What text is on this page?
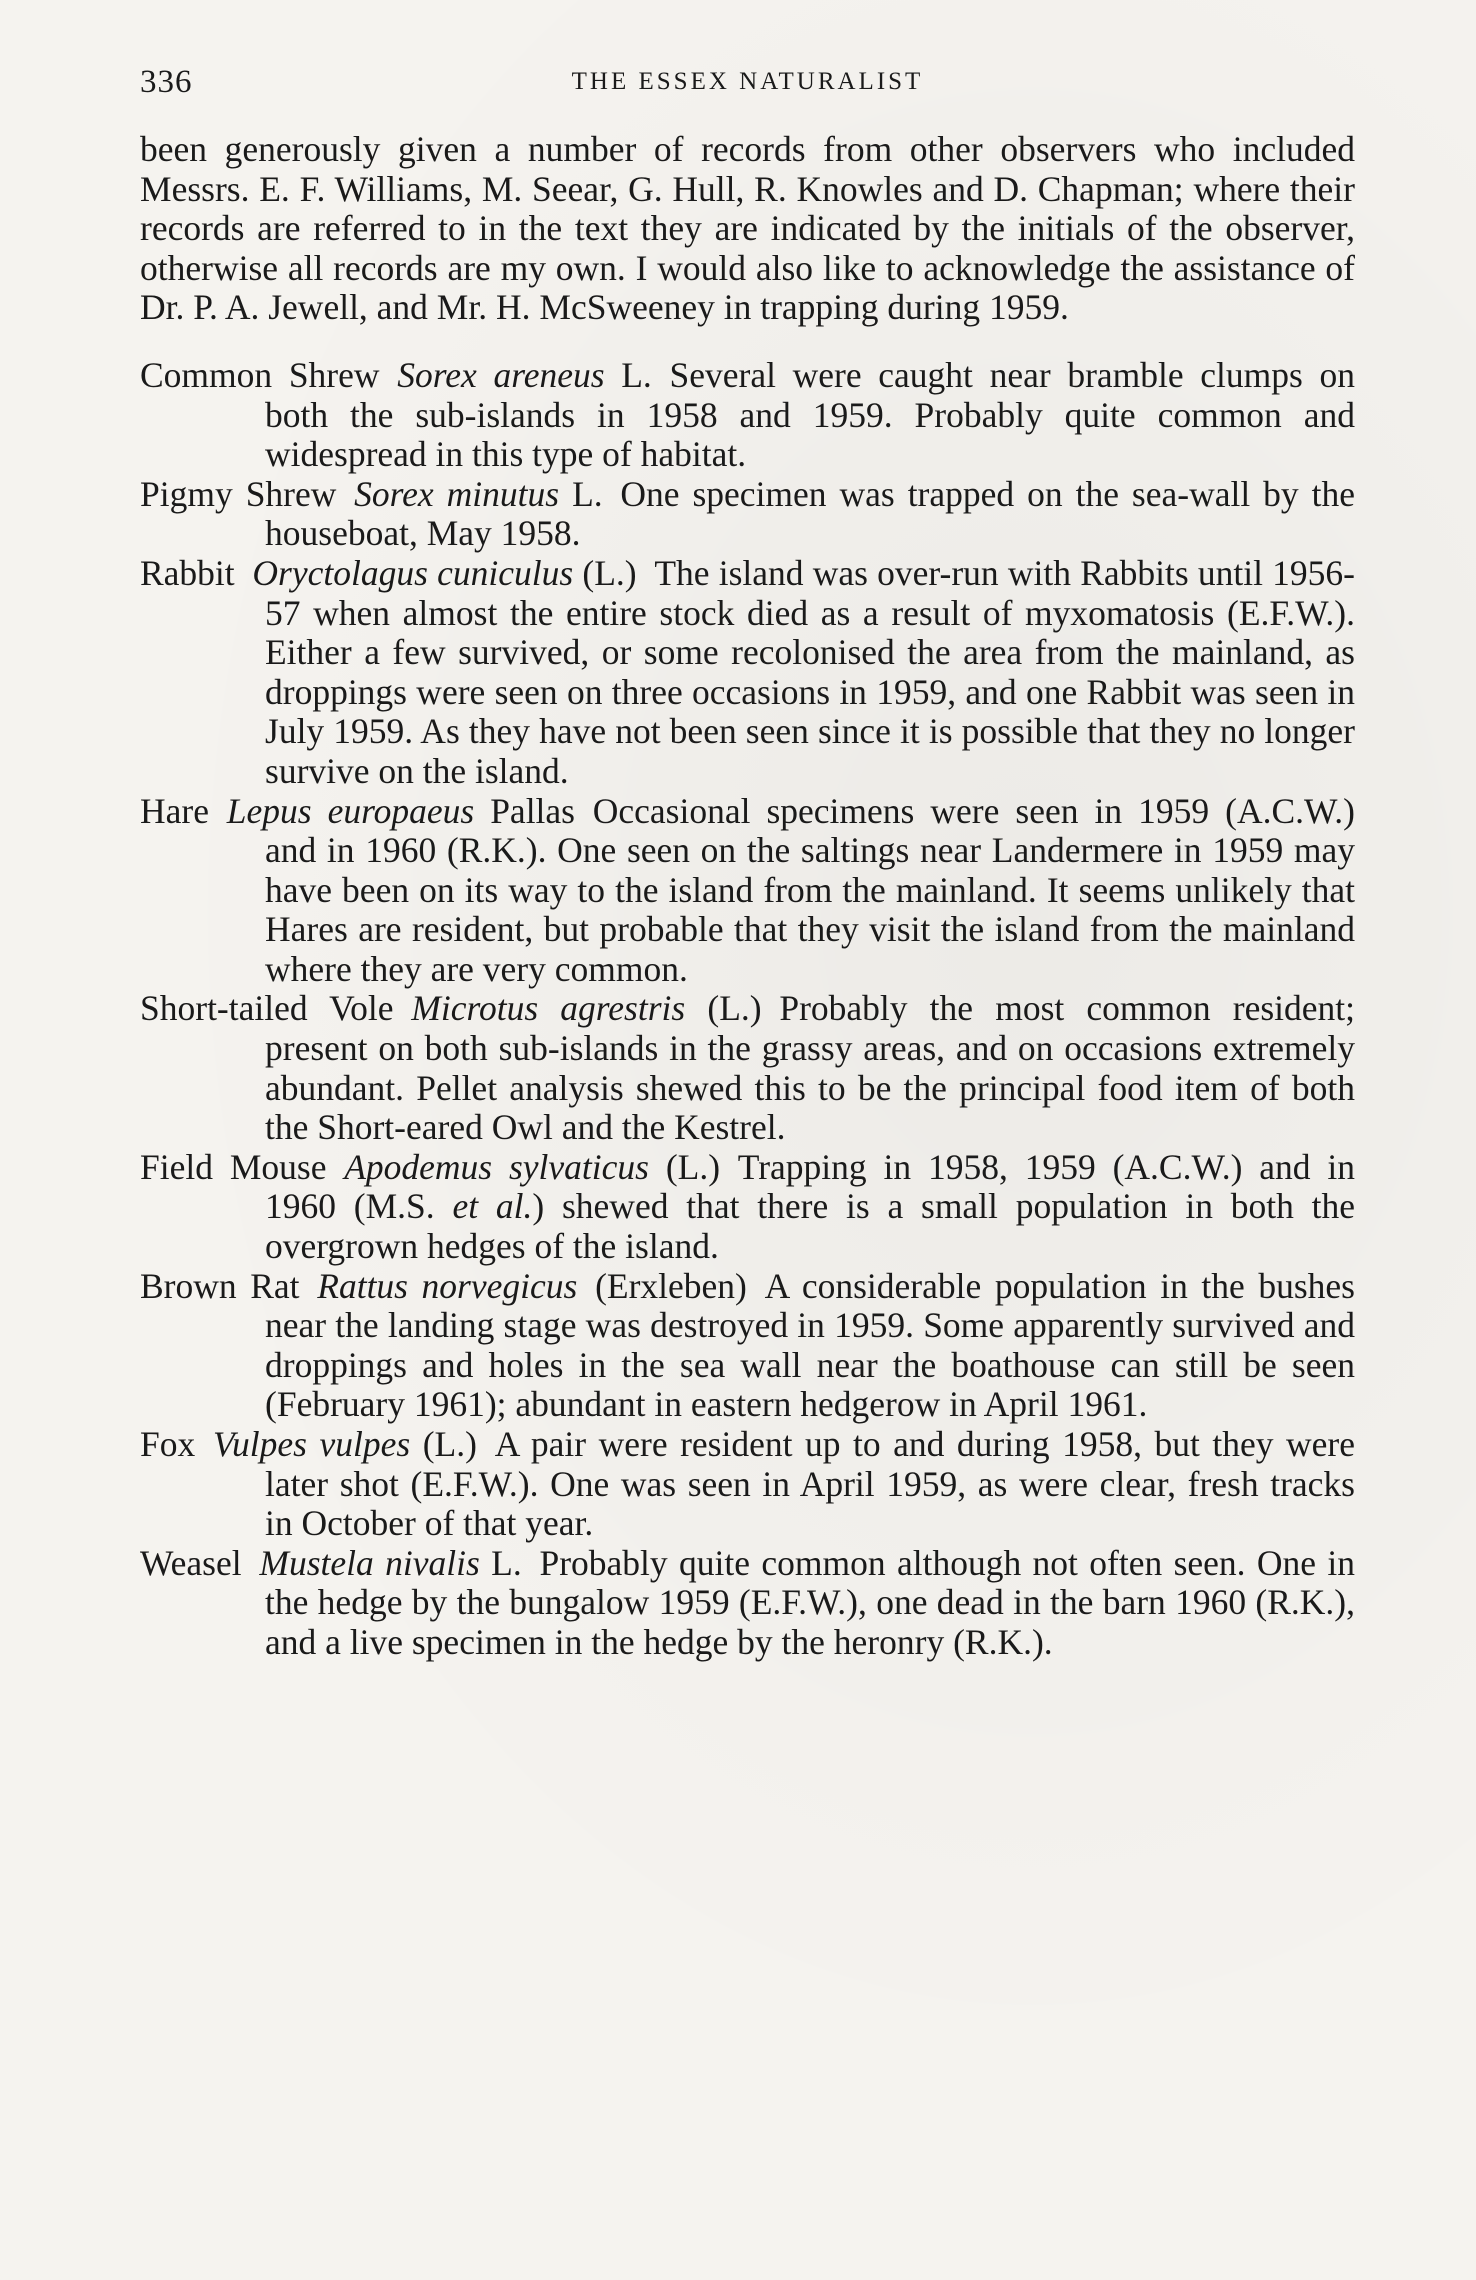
336	THE ESSEX NATURALIST

been generously given a number of records from other observers who included Messrs. E. F. Williams, M. Seear, G. Hull, R. Knowles and D. Chapman; where their records are referred to in the text they are indicated by the initials of the observer, otherwise all records are my own. I would also like to acknowledge the assistance of Dr. P. A. Jewell, and Mr. H. McSweeney in trapping during 1959.

Common Shrew  Sorex areneus L.  Several were caught near bramble clumps on both the sub-islands in 1958 and 1959. Probably quite common and widespread in this type of habitat.

Pigmy Shrew  Sorex minutus L.  One specimen was trapped on the sea-wall by the houseboat, May 1958.

Rabbit  Oryctolagus cuniculus (L.)  The island was over-run with Rabbits until 1956-57 when almost the entire stock died as a result of myxomatosis (E.F.W.). Either a few survived, or some recolonised the area from the mainland, as droppings were seen on three occasions in 1959, and one Rabbit was seen in July 1959. As they have not been seen since it is possible that they no longer survive on the island.

Hare  Lepus europaeus Pallas  Occasional specimens were seen in 1959 (A.C.W.) and in 1960 (R.K.). One seen on the saltings near Landermere in 1959 may have been on its way to the island from the mainland. It seems unlikely that Hares are resident, but probable that they visit the island from the mainland where they are very common.

Short-tailed Vole  Microtus agrestris (L.)  Probably the most common resident; present on both sub-islands in the grassy areas, and on occasions extremely abundant. Pellet analysis shewed this to be the principal food item of both the Short-eared Owl and the Kestrel.

Field Mouse  Apodemus sylvaticus (L.)  Trapping in 1958, 1959 (A.C.W.) and in 1960 (M.S. et al.) shewed that there is a small population in both the overgrown hedges of the island.

Brown Rat  Rattus norvegicus  (Erxleben)  A considerable population in the bushes near the landing stage was destroyed in 1959. Some apparently survived and droppings and holes in the sea wall near the boathouse can still be seen (February 1961); abundant in eastern hedgerow in April 1961.

Fox  Vulpes vulpes (L.)  A pair were resident up to and during 1958, but they were later shot (E.F.W.). One was seen in April 1959, as were clear, fresh tracks in October of that year.

Weasel  Mustela nivalis L.  Probably quite common although not often seen. One in the hedge by the bungalow 1959 (E.F.W.), one dead in the barn 1960 (R.K.), and a live specimen in the hedge by the heronry (R.K.).
